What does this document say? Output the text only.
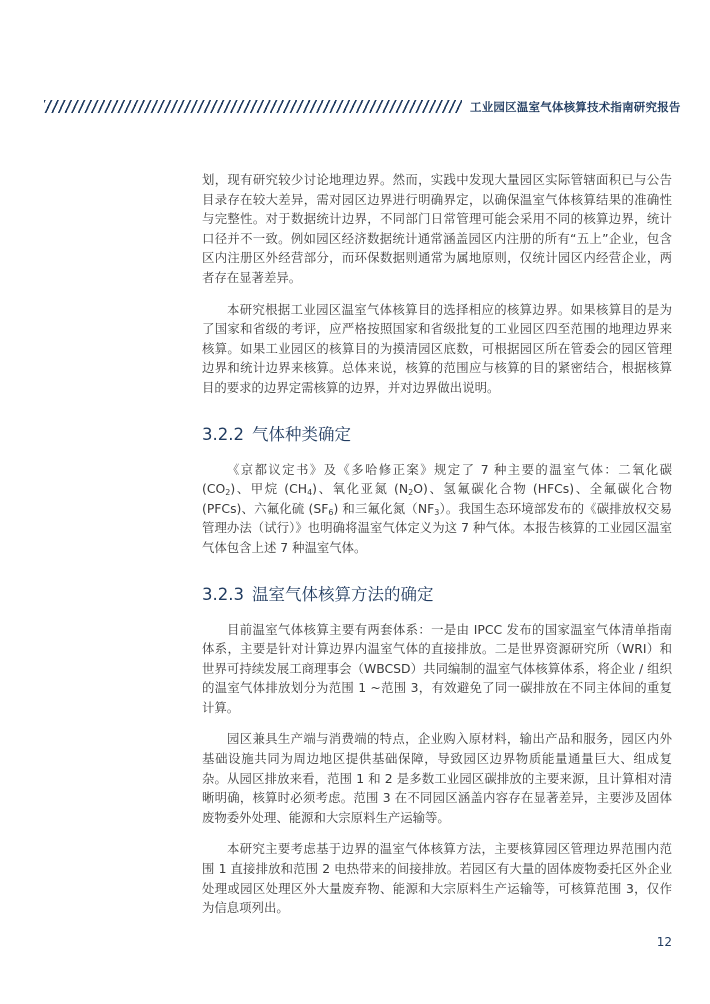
工业园区温室气体核算技术指南研究报告

划，现有研究较少讨论地理边界。然而，实践中发现大量园区实际管辖面积已与公告目录存在较大差异，需对园区边界进行明确界定，以确保温室气体核算结果的准确性与完整性。对于数据统计边界，不同部门日常管理可能会采用不同的核算边界，统计口径并不一致。例如园区经济数据统计通常涵盖园区内注册的所有“五上”企业，包含区内注册区外经营部分，而环保数据则通常为属地原则，仅统计园区内经营企业，两者存在显著差异。

本研究根据工业园区温室气体核算目的选择相应的核算边界。如果核算目的是为了国家和省级的考评，应严格按照国家和省级批复的工业园区四至范围的地理边界来核算。如果工业园区的核算目的为摸清园区底数，可根据园区所在管委会的园区管理边界和统计边界来核算。总体来说，核算的范围应与核算的目的紧密结合，根据核算目的要求的边界定需核算的边界，并对边界做出说明。

3.2.2 气体种类确定

《京都议定书》及《多哈修正案》规定了 7 种主要的温室气体：二氧化碳 $(CO_2)$、甲烷 $(CH_4)$、氧化亚氮 $(N_2O)$、氢氟碳化合物 (HFCs)、全氟碳化合物 (PFCs)、六氟化硫 $(SF_6)$ 和三氟化氮$(NF_3)$。我国生态环境部发布的《碳排放权交易管理办法（试行）》也明确将温室气体定义为这 7 种气体。本报告核算的工业园区温室气体包含上述 7 种温室气体。

3.2.3 温室气体核算方法的确定

目前温室气体核算主要有两套体系：一是由 IPCC 发布的国家温室气体清单指南体系，主要是针对计算边界内温室气体的直接排放。二是世界资源研究所（WRI）和世界可持续发展工商理事会（WBCSD）共同编制的温室气体核算体系，将企业 / 组织的温室气体排放划分为范围 1 ~范围 3，有效避免了同一碳排放在不同主体间的重复计算。

园区兼具生产端与消费端的特点，企业购入原材料，输出产品和服务，园区内外基础设施共同为周边地区提供基础保障，导致园区边界物质能量通量巨大、组成复杂。从园区排放来看，范围 1 和 2 是多数工业园区碳排放的主要来源，且计算相对清晰明确，核算时必须考虑。范围 3 在不同园区涵盖内容存在显著差异，主要涉及固体废物委外处理、能源和大宗原料生产运输等。

本研究主要考虑基于边界的温室气体核算方法，主要核算园区管理边界范围内范围 1 直接排放和范围 2 电热带来的间接排放。若园区有大量的固体废物委托区外企业处理或园区处理区外大量废弃物、能源和大宗原料生产运输等，可核算范围 3，仅作为信息项列出。

12
